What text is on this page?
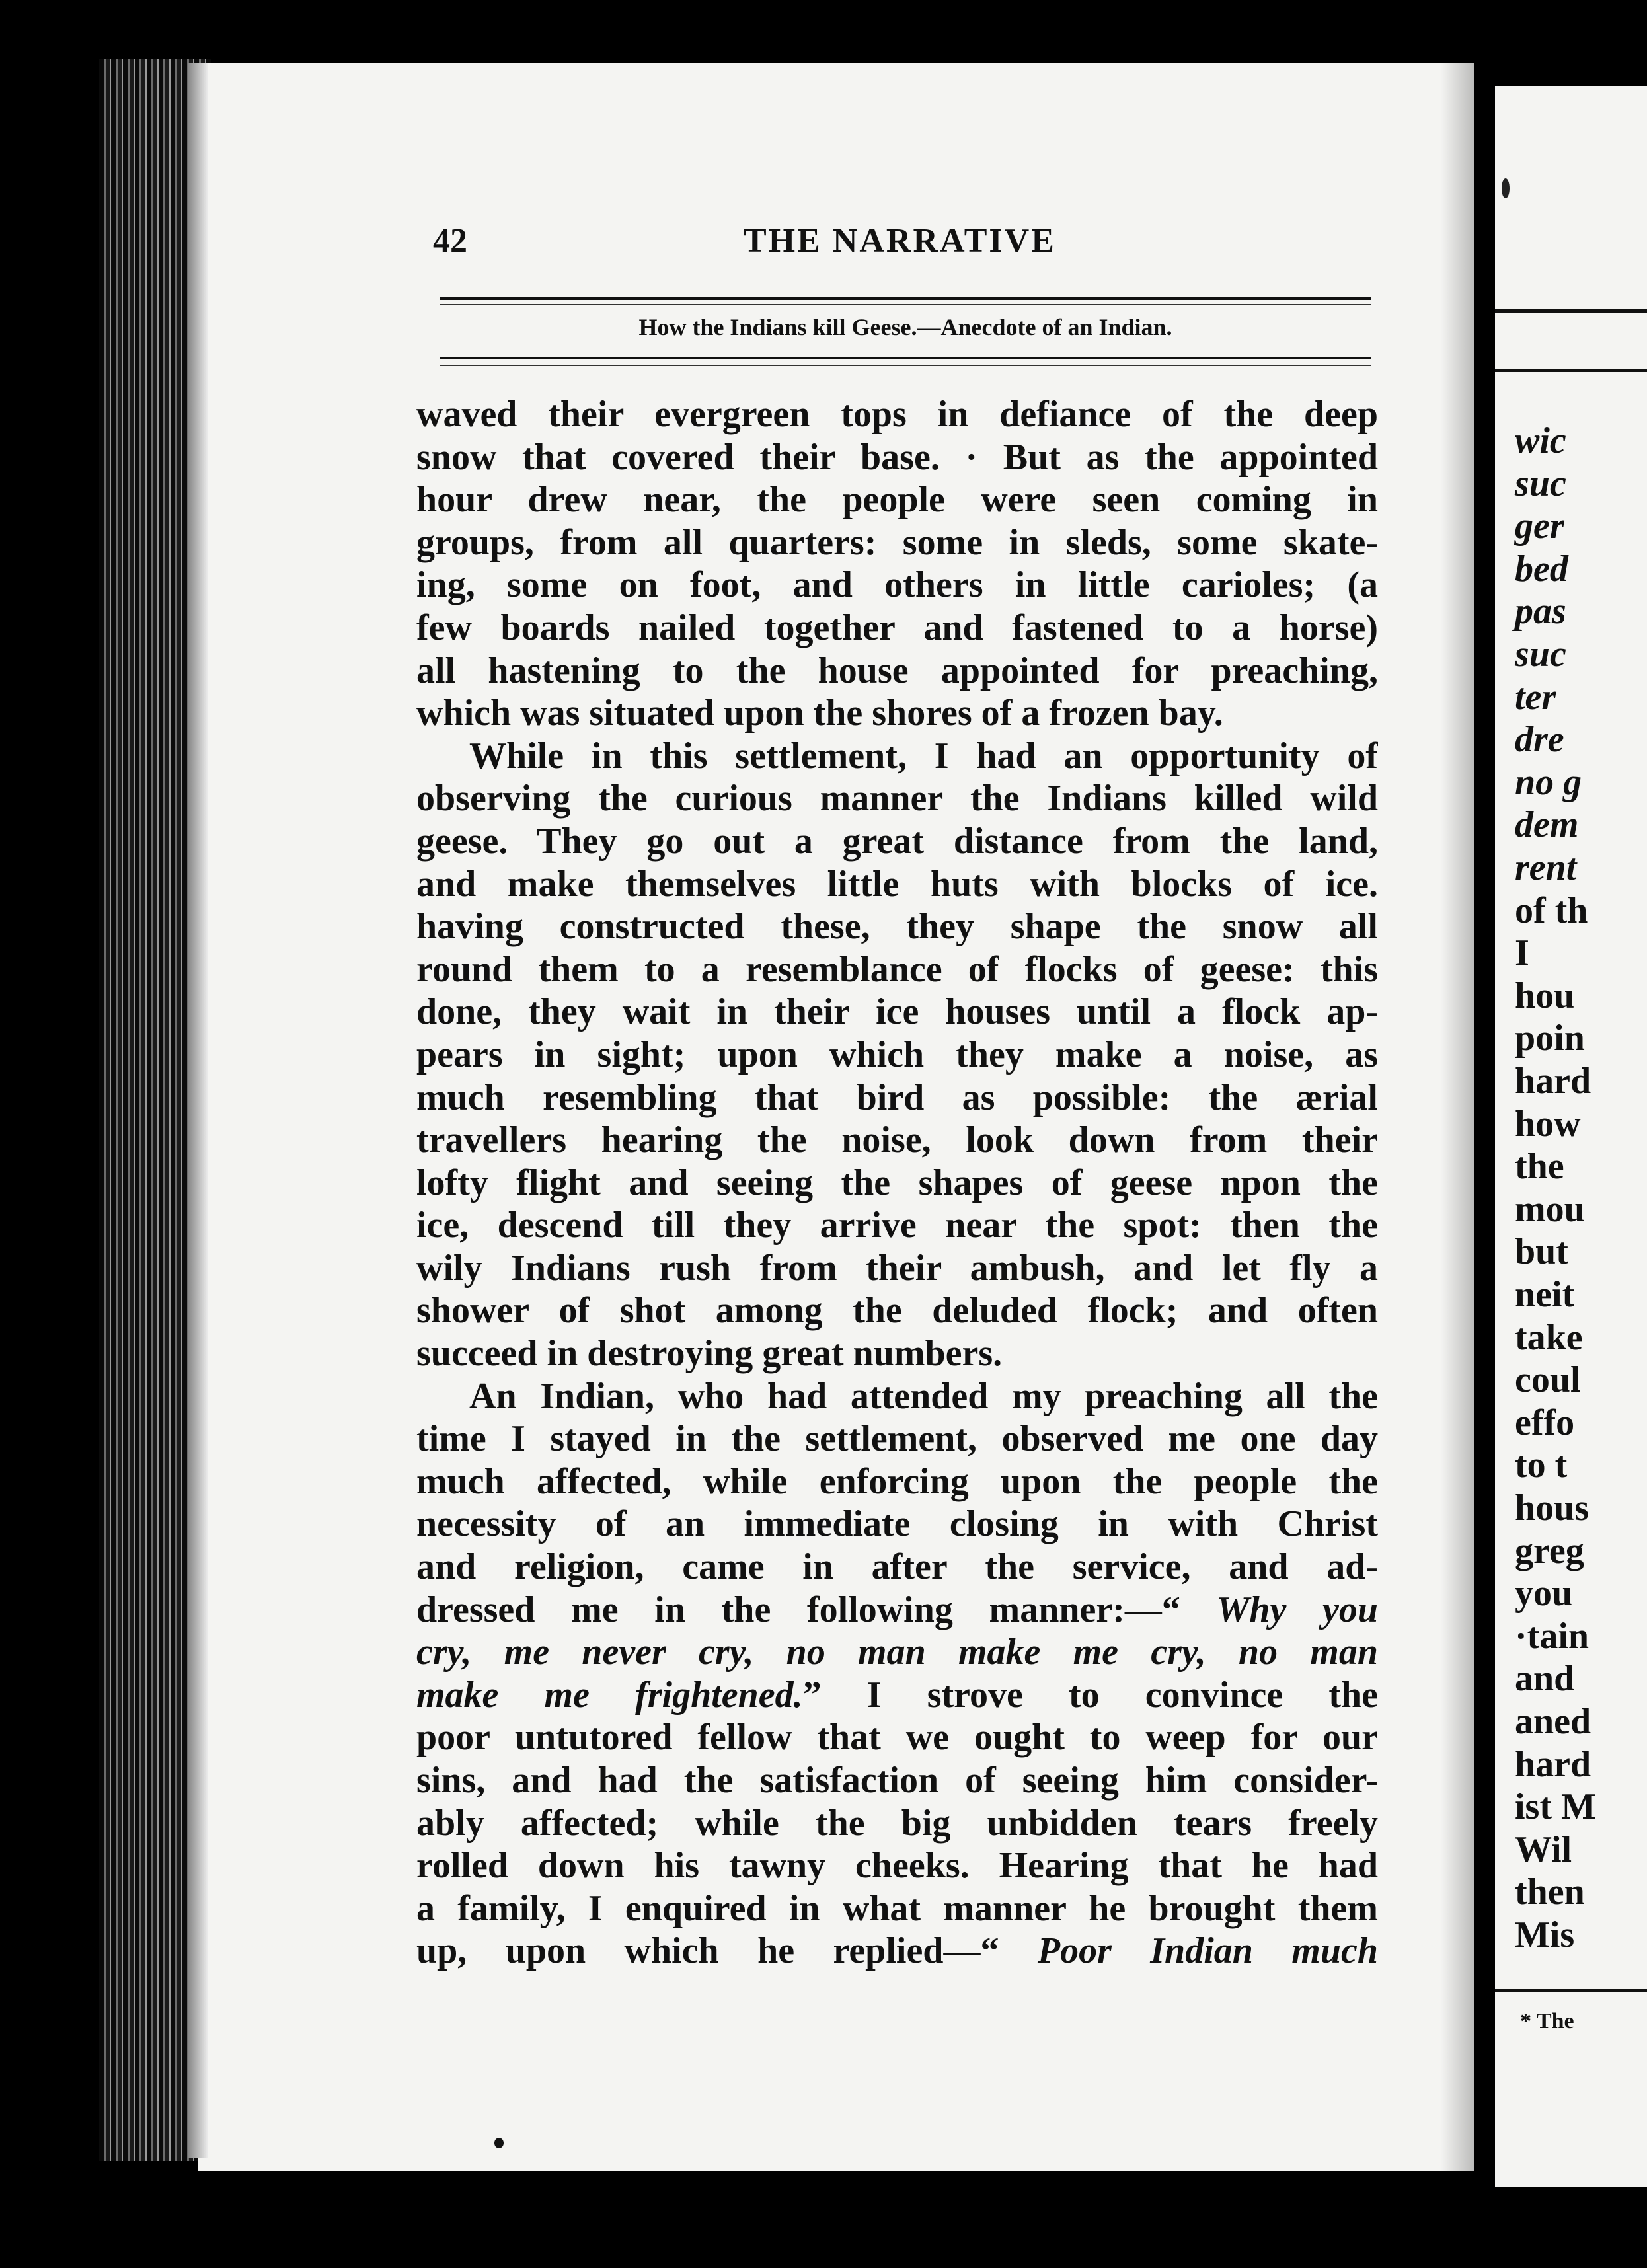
wic
suc
ger
bed
pas
suc
ter
dre
no g
dem
rent
of th
I
hou
poin
hard
how
the
mou
but
neit
take
coul
effo
to t
hous
greg
you
·tain
and
aned
hard
ist M
Wil
then
Mis
* The
42	THE NARRATIVE
How the Indians kill Geese.—Anecdote of an Indian.
waved their evergreen tops in defiance of the deep
snow that covered their base. · But as the appointed
hour drew near, the people were seen coming in
groups, from all quarters: some in sleds, some skate-
ing, some on foot, and others in little carioles; (a
few boards nailed together and fastened to a horse)
all hastening to the house appointed for preaching,
which was situated upon the shores of a frozen bay.
While in this settlement, I had an opportunity of
observing the curious manner the Indians killed wild
geese. They go out a great distance from the land,
and make themselves little huts with blocks of ice.
having constructed these, they shape the snow all
round them to a resemblance of flocks of geese: this
done, they wait in their ice houses until a flock ap-
pears in sight; upon which they make a noise, as
much resembling that bird as possible: the ærial
travellers hearing the noise, look down from their
lofty flight and seeing the shapes of geese npon the
ice, descend till they arrive near the spot: then the
wily Indians rush from their ambush, and let fly a
shower of shot among the deluded flock; and often
succeed in destroying great numbers.
An Indian, who had attended my preaching all the
time I stayed in the settlement, observed me one day
much affected, while enforcing upon the people the
necessity of an immediate closing in with Christ
and religion, came in after the service, and ad-
dressed me in the following manner:—“ Why you
cry, me never cry, no man make me cry, no man
make me frightened.” I strove to convince the
poor untutored fellow that we ought to weep for our
sins, and had the satisfaction of seeing him consider-
ably affected; while the big unbidden tears freely
rolled down his tawny cheeks. Hearing that he had
a family, I enquired in what manner he brought them
up, upon which he replied—“ Poor Indian much
